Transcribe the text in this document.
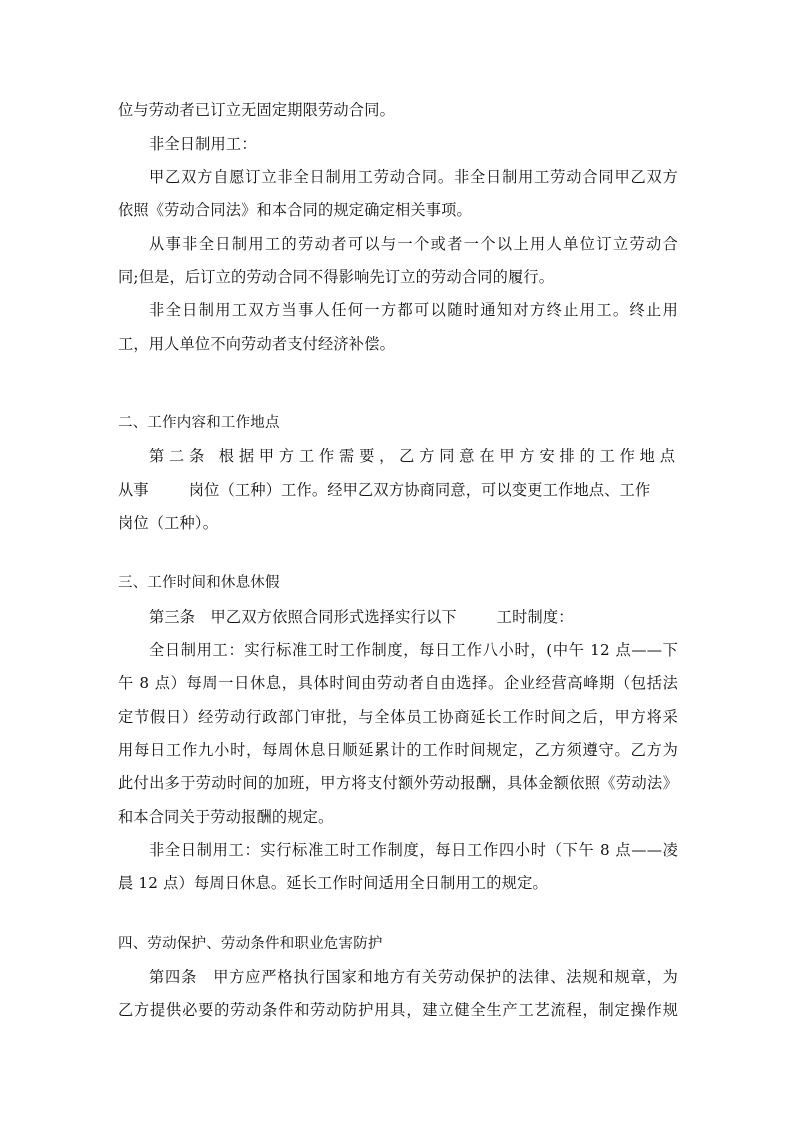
位与劳动者已订立无固定期限劳动合同。
非全日制用工：
甲乙双方自愿订立非全日制用工劳动合同。非全日制用工劳动合同甲乙双方
依照《劳动合同法》和本合同的规定确定相关事项。
从事非全日制用工的劳动者可以与一个或者一个以上用人单位订立劳动合
同;但是，后订立的劳动合同不得影响先订立的劳动合同的履行。
非全日制用工双方当事人任何一方都可以随时通知对方终止用工。终止用
工，用人单位不向劳动者支付经济补偿。
二、工作内容和工作地点
第二条 根据甲方工作需要，乙方同意在甲方安排的工作地点
从事	岗位（工种）工作。经甲乙双方协商同意，可以变更工作地点、工作
岗位（工种）。
三、工作时间和休息休假
第三条　甲乙双方依照合同形式选择实行以下	工时制度：
全日制用工：实行标准工时工作制度，每日工作八小时，(中午 12 点——下
午 8 点）每周一日休息，具体时间由劳动者自由选择。企业经营高峰期（包括法
定节假日）经劳动行政部门审批，与全体员工协商延长工作时间之后，甲方将采
用每日工作九小时，每周休息日顺延累计的工作时间规定，乙方须遵守。乙方为
此付出多于劳动时间的加班，甲方将支付额外劳动报酬，具体金额依照《劳动法》
和本合同关于劳动报酬的规定。
非全日制用工：实行标准工时工作制度，每日工作四小时（下午 8 点——凌
晨 12 点）每周日休息。延长工作时间适用全日制用工的规定。
四、劳动保护、劳动条件和职业危害防护
第四条　甲方应严格执行国家和地方有关劳动保护的法律、法规和规章，为
乙方提供必要的劳动条件和劳动防护用具，建立健全生产工艺流程，制定操作规
